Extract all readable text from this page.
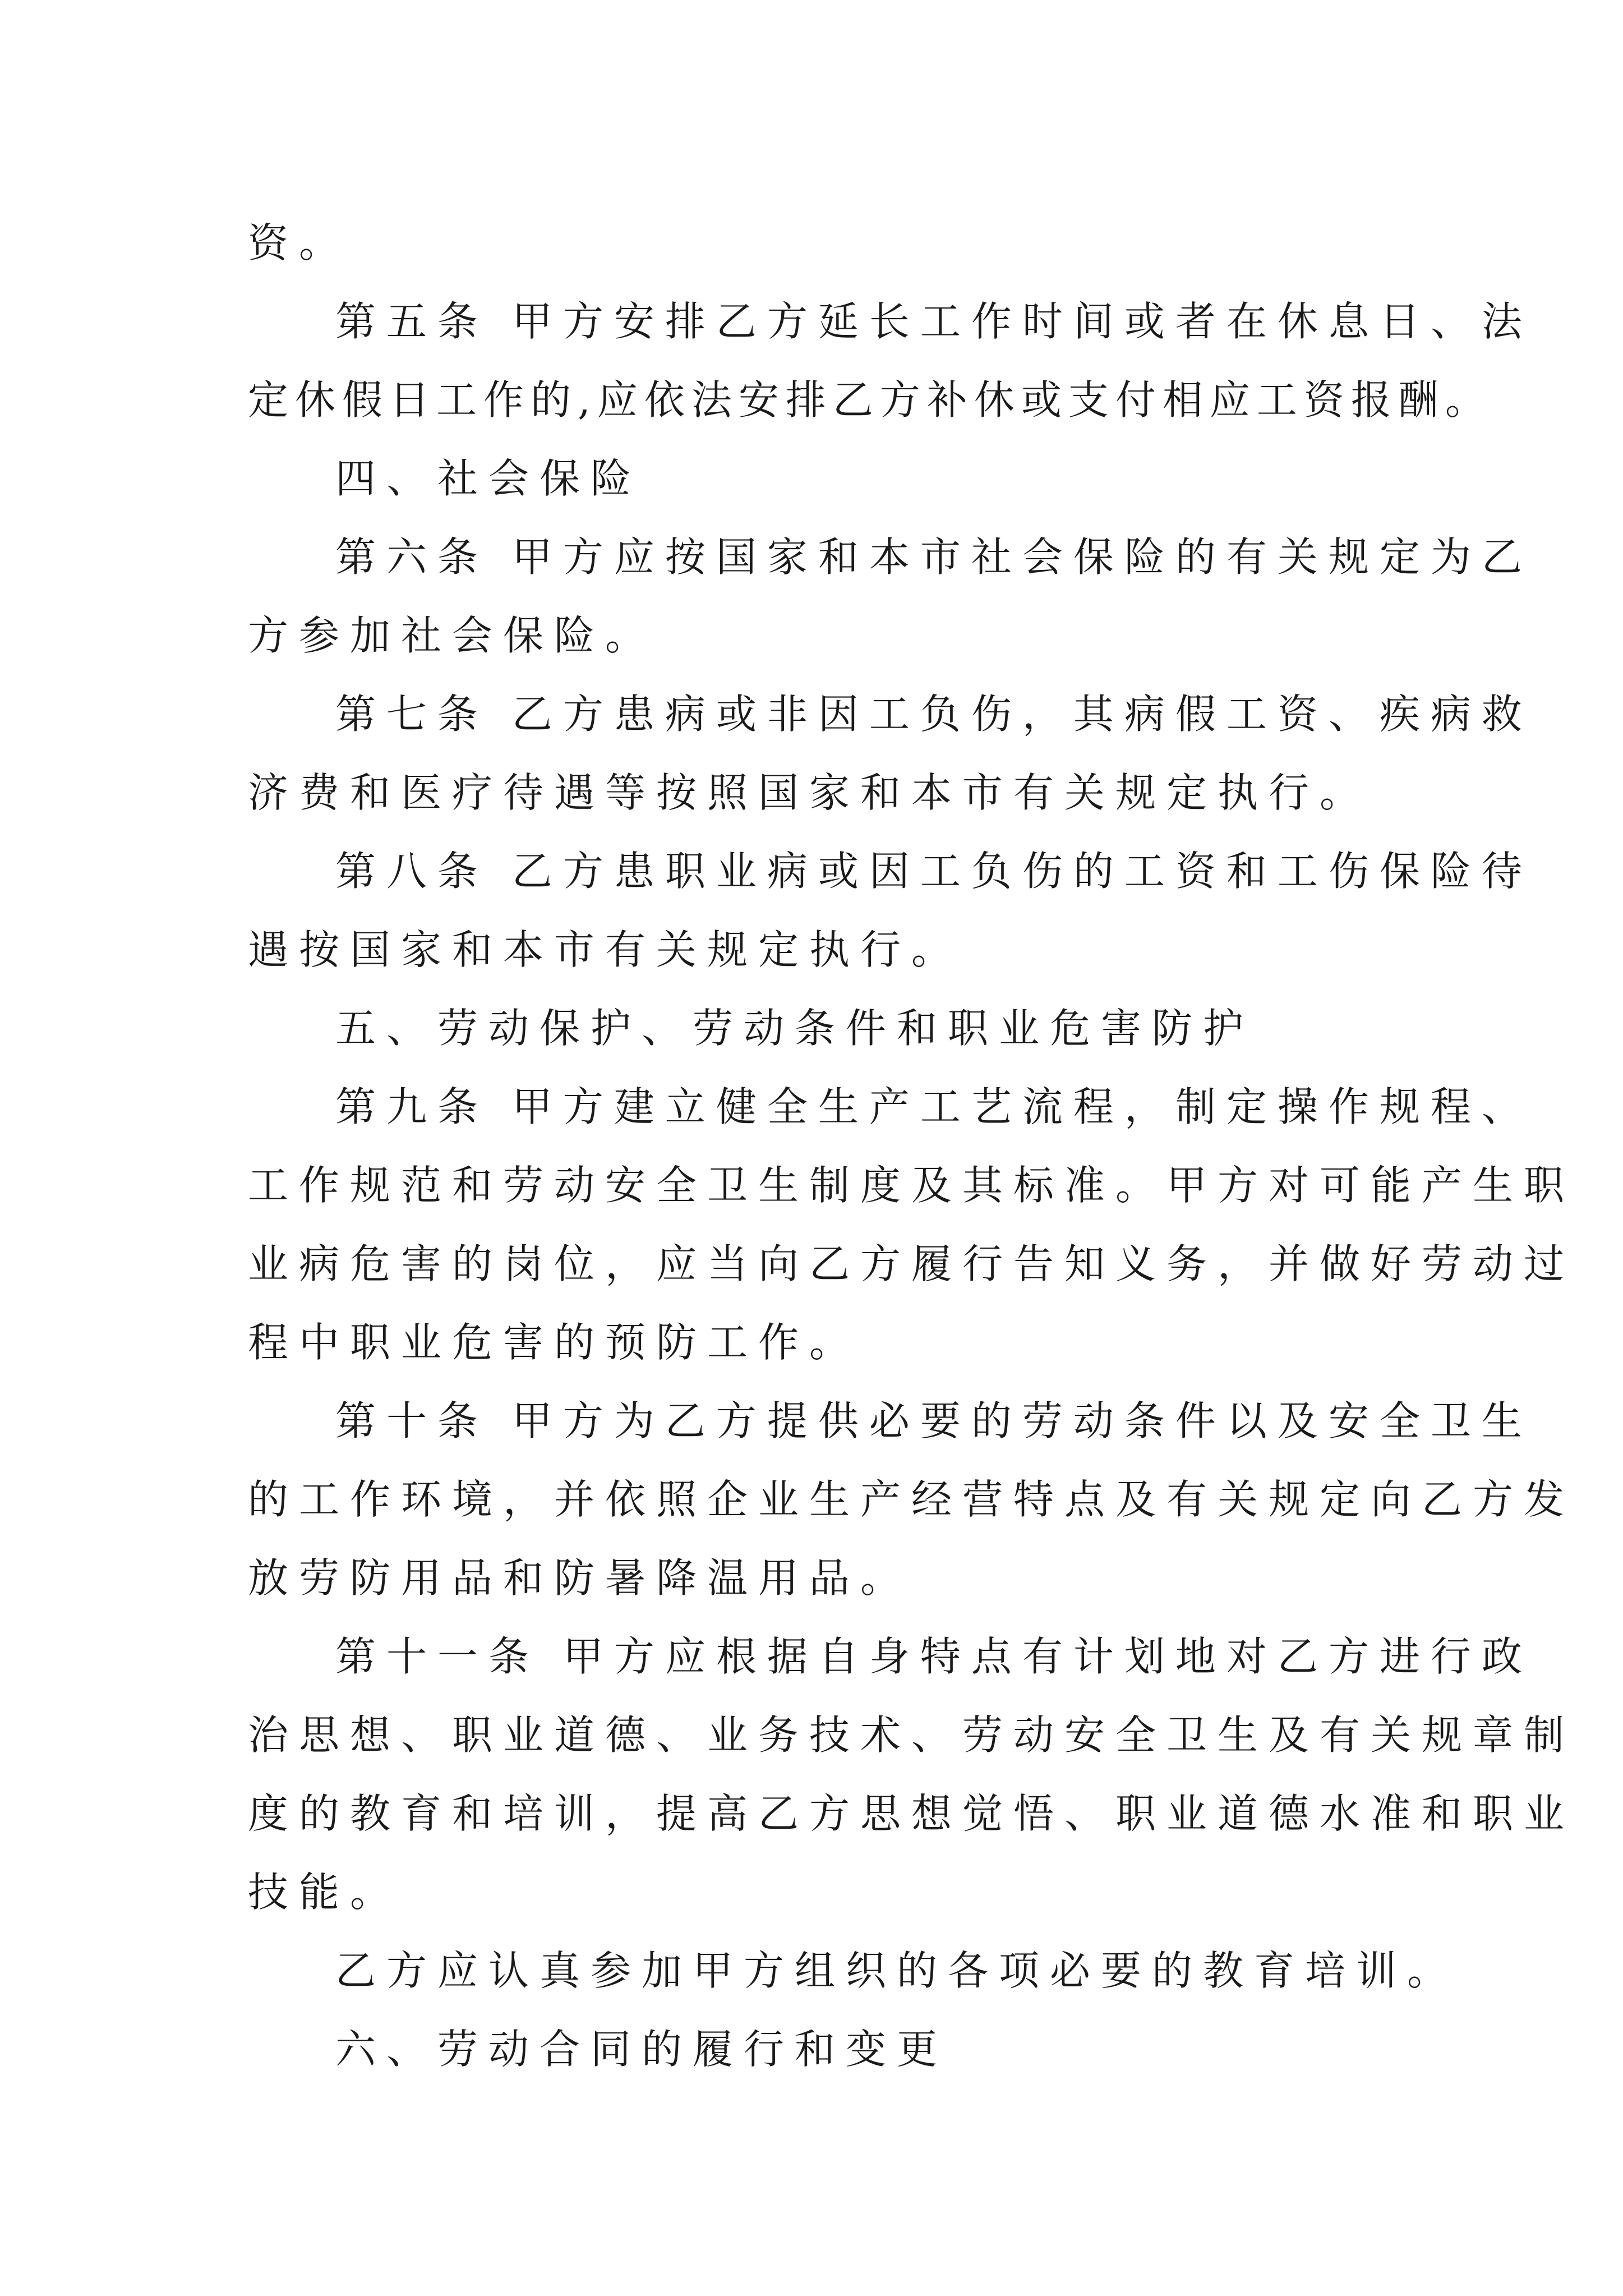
资。
第五条 甲方安排乙方延长工作时间或者在休息日、法
定休假日工作的,应依法安排乙方补休或支付相应工资报酬。
四、社会保险
第六条 甲方应按国家和本市社会保险的有关规定为乙
方参加社会保险。
第七条 乙方患病或非因工负伤，其病假工资、疾病救
济费和医疗待遇等按照国家和本市有关规定执行。
第八条 乙方患职业病或因工负伤的工资和工伤保险待
遇按国家和本市有关规定执行。
五、劳动保护、劳动条件和职业危害防护
第九条 甲方建立健全生产工艺流程，制定操作规程、
工作规范和劳动安全卫生制度及其标准。甲方对可能产生职
业病危害的岗位，应当向乙方履行告知义务，并做好劳动过
程中职业危害的预防工作。
第十条 甲方为乙方提供必要的劳动条件以及安全卫生
的工作环境，并依照企业生产经营特点及有关规定向乙方发
放劳防用品和防暑降温用品。
第十一条 甲方应根据自身特点有计划地对乙方进行政
治思想、职业道德、业务技术、劳动安全卫生及有关规章制
度的教育和培训，提高乙方思想觉悟、职业道德水准和职业
技能。
乙方应认真参加甲方组织的各项必要的教育培训。
六、劳动合同的履行和变更
